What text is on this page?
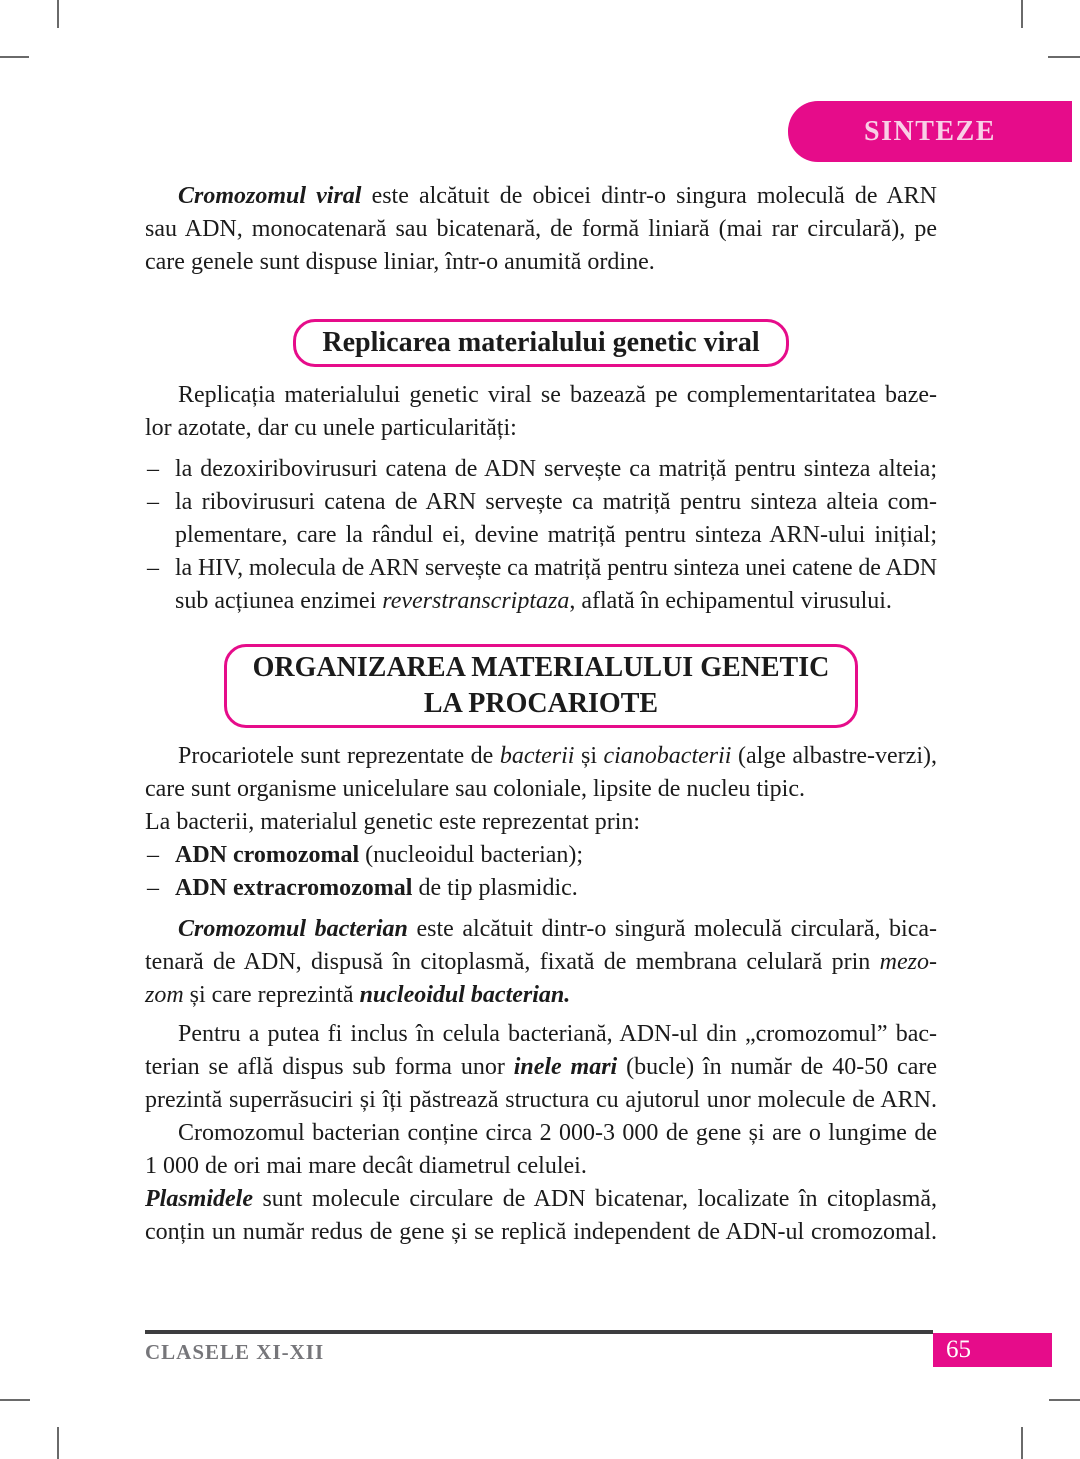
SINTEZE
Cromozomul viral este alcătuit de obicei dintr-o singura moleculă de ARN
sau ADN, monocatenară sau bicatenară, de formă liniară (mai rar circulară), pe
care genele sunt dispuse liniar, într-o anumită ordine.
Replicarea materialului genetic viral
Replicația materialului genetic viral se bazează pe complementaritatea baze-
lor azotate, dar cu unele particularități:
– la dezoxiribovirusuri catena de ADN servește ca matriță pentru sinteza alteia;
– la ribovirusuri catena de ARN servește ca matriță pentru sinteza alteia com-
plementare, care la rândul ei, devine matriță pentru sinteza ARN-ului inițial;
– la HIV, molecula de ARN servește ca matriță pentru sinteza unei catene de ADN
sub acțiunea enzimei reverstranscriptaza, aflată în echipamentul virusului.
ORGANIZAREA MATERIALULUI GENETIC
LA PROCARIOTE
Procariotele sunt reprezentate de bacterii și cianobacterii (alge albastre-verzi),
care sunt organisme unicelulare sau coloniale, lipsite de nucleu tipic.
La bacterii, materialul genetic este reprezentat prin:
– ADN cromozomal (nucleoidul bacterian);
– ADN extracromozomal de tip plasmidic.
Cromozomul bacterian este alcătuit dintr-o singură moleculă circulară, bica-
tenară de ADN, dispusă în citoplasmă, fixată de membrana celulară prin mezo-
zom și care reprezintă nucleoidul bacterian.
Pentru a putea fi inclus în celula bacteriană, ADN-ul din „cromozomul” bac-
terian se află dispus sub forma unor inele mari (bucle) în număr de 40-50 care
prezintă superrăsuciri și îți păstrează structura cu ajutorul unor molecule de ARN.
Cromozomul bacterian conține circa 2 000-3 000 de gene și are o lungime de
1 000 de ori mai mare decât diametrul celulei.
Plasmidele sunt molecule circulare de ADN bicatenar, localizate în citoplasmă,
conțin un număr redus de gene și se replică independent de ADN-ul cromozomal.
CLASELE XI-XII	65
